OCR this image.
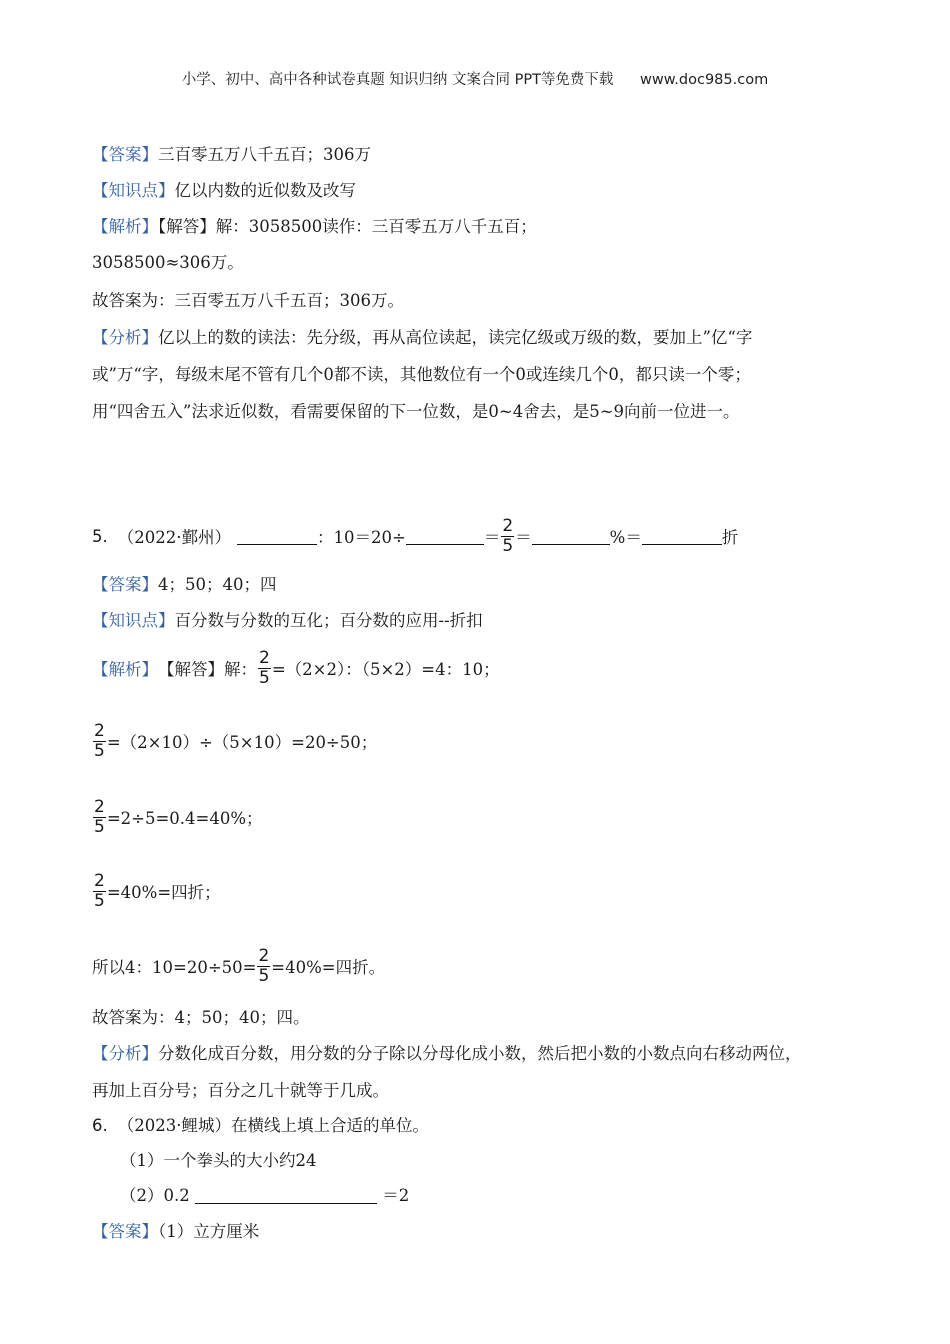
小学、初中、高中各种试卷真题 知识归纳 文案合同 PPT等免费下载 www.doc985.com
【答案】三百零五万八千五百；306万
【知识点】亿以内数的近似数及改写
【解析】【解答】解：3058500读作：三百零五万八千五百；
3058500≈306万。
故答案为：三百零五万八千五百；306万。
【分析】亿以上的数的读法：先分级，再从高位读起，读完亿级或万级的数，要加上”亿“字
或”万“字，每级末尾不管有几个0都不读，其他数位有一个0或连续几个0，都只读一个零；
用“四舍五入”法求近似数，看需要保留的下一位数，是0~4舍去，是5~9向前一位进一。
5. （2022·鄞州）	：10＝20÷	＝ $\frac{2}{5}$ ＝	%＝	折
【答案】4；50；40；四
【知识点】百分数与分数的互化；百分数的应用--折扣
【解析】 【解答】解： $\frac{2}{5} =(2\times 2)$：（5×2）=4：10；
$\frac{2}{5} =(2\times 10)\div(5\times 10)=20\div 50$；
$\frac{2}{5} =2\div 5=0.4=40\%$；
$\frac{2}{5} =40\%=$四折；
所以4：$10=20\div 50= \frac{2}{5} =40\%=$四折。
故答案为：4；50；40；四。
【分析】分数化成百分数，用分数的分子除以分母化成小数，然后把小数的小数点向右移动两位，
再加上百分号；百分之几十就等于几成。
6. （2023·鲤城）在横线上填上合适的单位。
（1）一个拳头的大小约24
（2）0.2	＝2
【答案】（1）立方厘米
